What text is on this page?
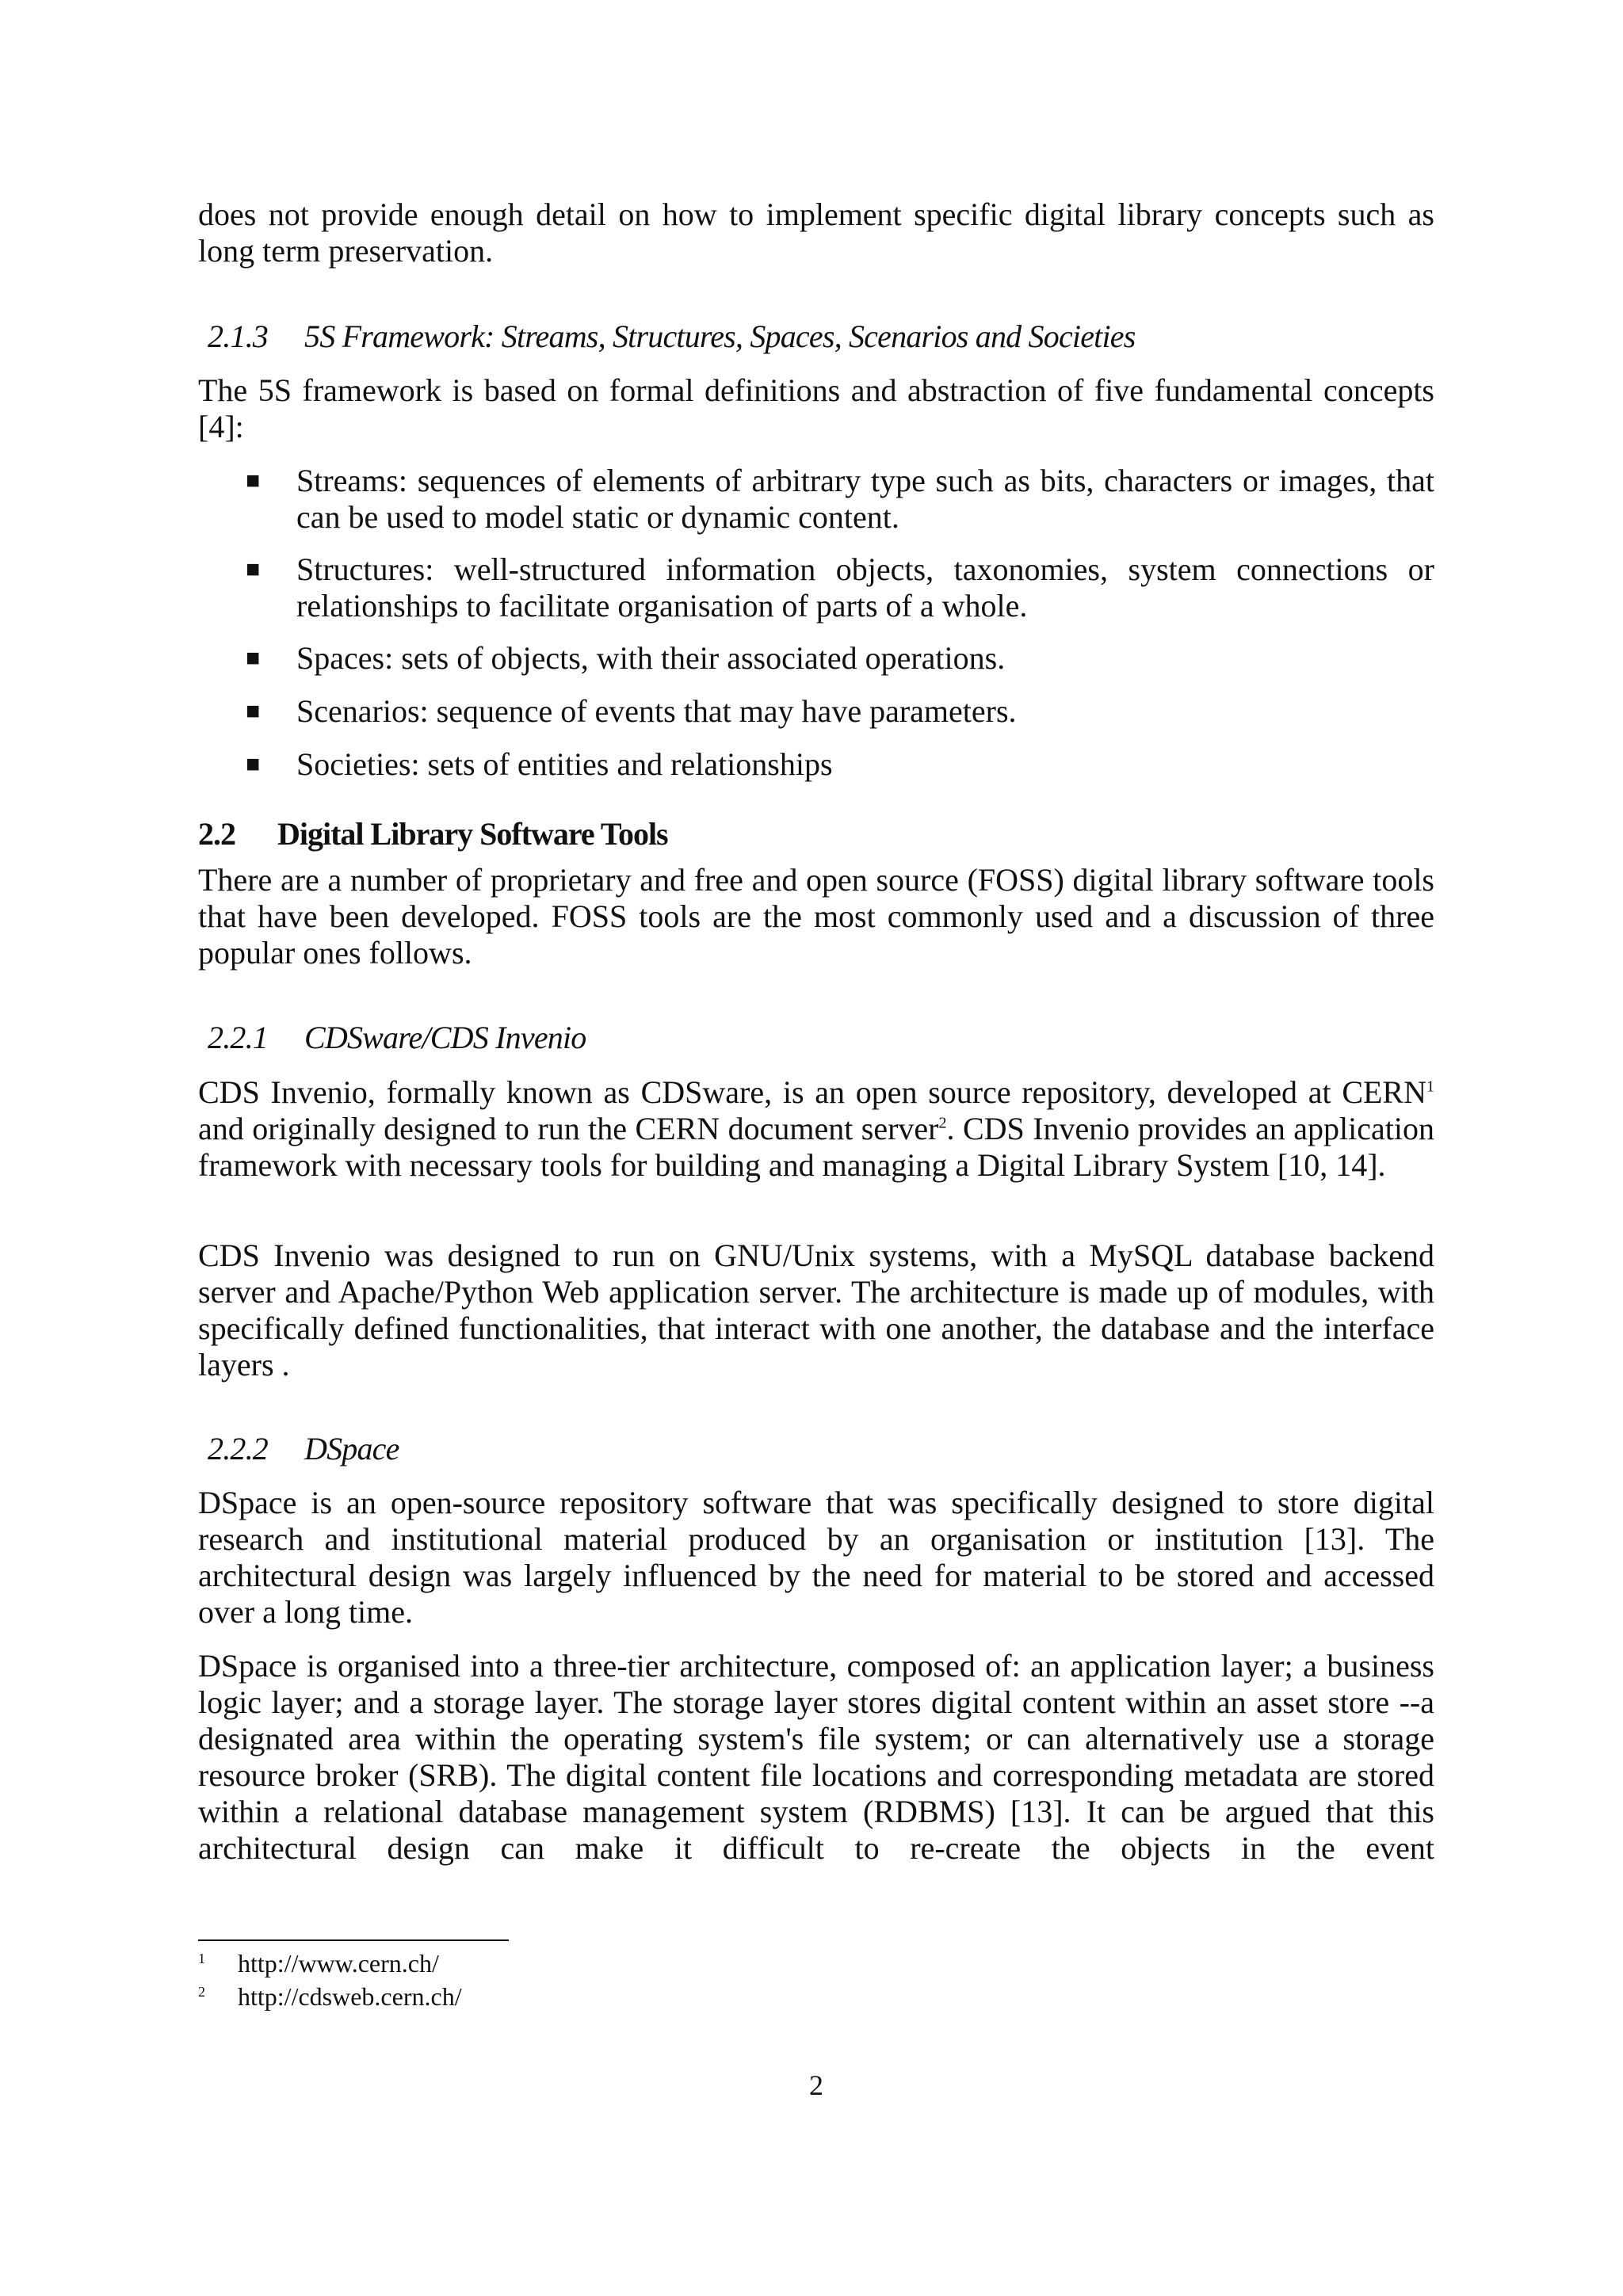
does not provide enough detail on how to implement specific digital library concepts such as long term preservation.

2.1.3 5S Framework: Streams, Structures, Spaces, Scenarios and Societies

The 5S framework is based on formal definitions and abstraction of five fundamental concepts [4]:

■ Streams: sequences of elements of arbitrary type such as bits, characters or images, that can be used to model static or dynamic content.
■ Structures: well-structured information objects, taxonomies, system connections or relationships to facilitate organisation of parts of a whole.
■ Spaces: sets of objects, with their associated operations.
■ Scenarios: sequence of events that may have parameters.
■ Societies: sets of entities and relationships

2.2 Digital Library Software Tools

There are a number of proprietary and free and open source (FOSS) digital library software tools that have been developed. FOSS tools are the most commonly used and a discussion of three popular ones follows.

2.2.1 CDSware/CDS Invenio

CDS Invenio, formally known as CDSware, is an open source repository, developed at CERN$^1$ and originally designed to run the CERN document server$^2$. CDS Invenio provides an application framework with necessary tools for building and managing a Digital Library System [10, 14].

CDS Invenio was designed to run on GNU/Unix systems, with a MySQL database backend server and Apache/Python Web application server. The architecture is made up of modules, with specifically defined functionalities, that interact with one another, the database and the interface layers .

2.2.2 DSpace

DSpace is an open-source repository software that was specifically designed to store digital research and institutional material produced by an organisation or institution [13]. The architectural design was largely influenced by the need for material to be stored and accessed over a long time.

DSpace is organised into a three-tier architecture, composed of: an application layer; a business logic layer; and a storage layer. The storage layer stores digital content within an asset store --a designated area within the operating system's file system; or can alternatively use a storage resource broker (SRB). The digital content file locations and corresponding metadata are stored within a relational database management system (RDBMS) [13]. It can be argued that this architectural design can make it difficult to re-create the objects in the event

1 http://www.cern.ch/
2 http://cdsweb.cern.ch/
2
